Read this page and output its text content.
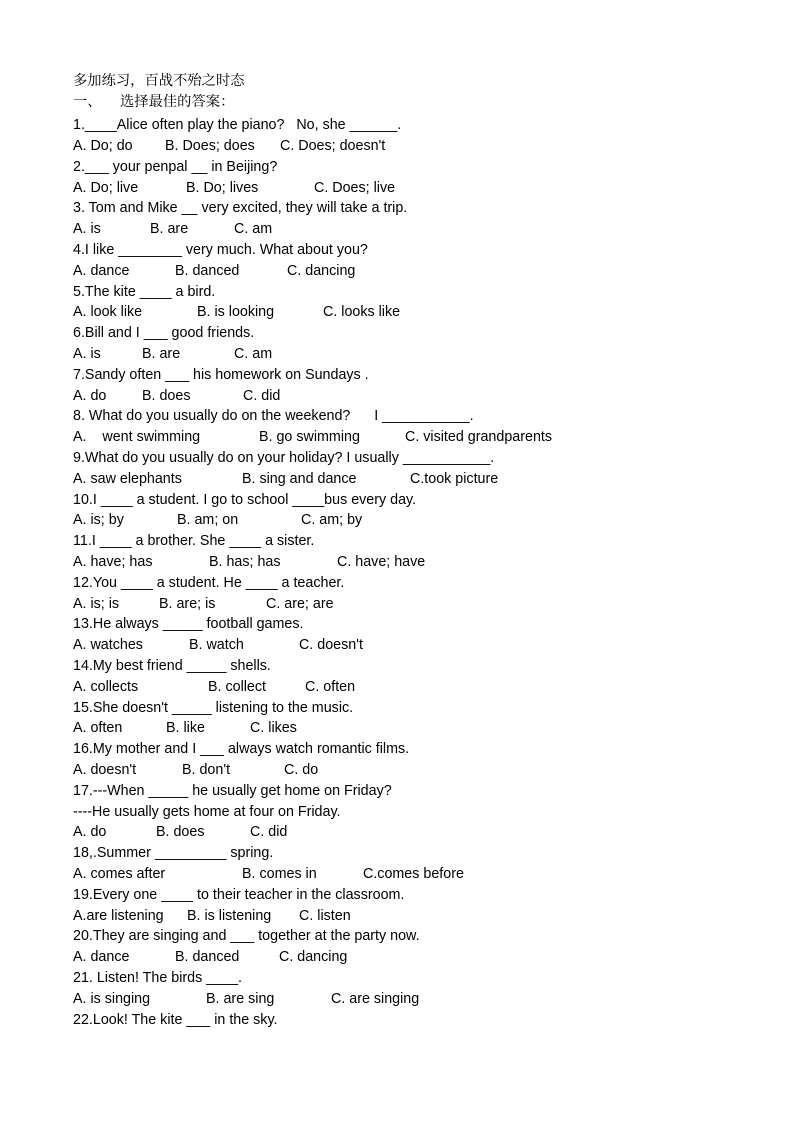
多加练习，百战不殆之时态

一、

选择最佳的答案：

1.____Alice often play the piano?   No, she ______.

A. Do; do

B. Does; does

C. Does; doesn't

2.___ your penpal __ in Beijing?

A. Do; live

	B. Do; lives

	C. Does; live

3. Tom and Mike __ very excited, they will take a trip.

A. is

	B. are

	C. am

4.I like ________ very much. What about you?

A. dance

	B. danced

	C. dancing

5.The kite ____ a bird.

A. look like

	B. is looking

	C. looks like

6.Bill and I ___ good friends.

A. is

	B. are

	C. am

7.Sandy often ___ his homework on Sundays .

A. do

B. does

	C. did

8. What do you usually do on the weekend?      I ___________.

A.    went swimming

	B. go swimming

	C. visited grandparents

9.What do you usually do on your holiday? I usually ___________.

A. saw elephants

	B. sing and dance

	C.took picture

10.I ____ a student. I go to school ____bus every day.

A. is; by

	B. am; on

	C. am; by

11.I ____ a brother. She ____ a sister.

A. have; has

	B. has; has

	C. have; have

12.You ____ a student. He ____ a teacher.

A. is; is

	B. are; is

	C. are; are

13.He always _____ football games.

A. watches

	B. watch

	C. doesn't

14.My best friend _____ shells.

A. collects

	B. collect

	C. often

15.She doesn't _____ listening to the music.

A. often

	B. like

	C. likes

16.My mother and I ___ always watch romantic films.

A. doesn't

	B. don't

	C. do

17.---When _____ he usually get home on Friday?
----He usually gets home at four on Friday.

A. do

	B. does

	C. did

18,.Summer _________ spring.

A. comes after

	B. comes in

	C.comes before

19.Every one ____ to their teacher in the classroom.

A.are listening

B. is listening

C. listen

20.They are singing and ___ together at the party now.

A. dance

	B. danced

	C. dancing

21. Listen! The birds ____.

A. is singing

	B. are sing

	C. are singing

22.Look! The kite ___ in the sky.
